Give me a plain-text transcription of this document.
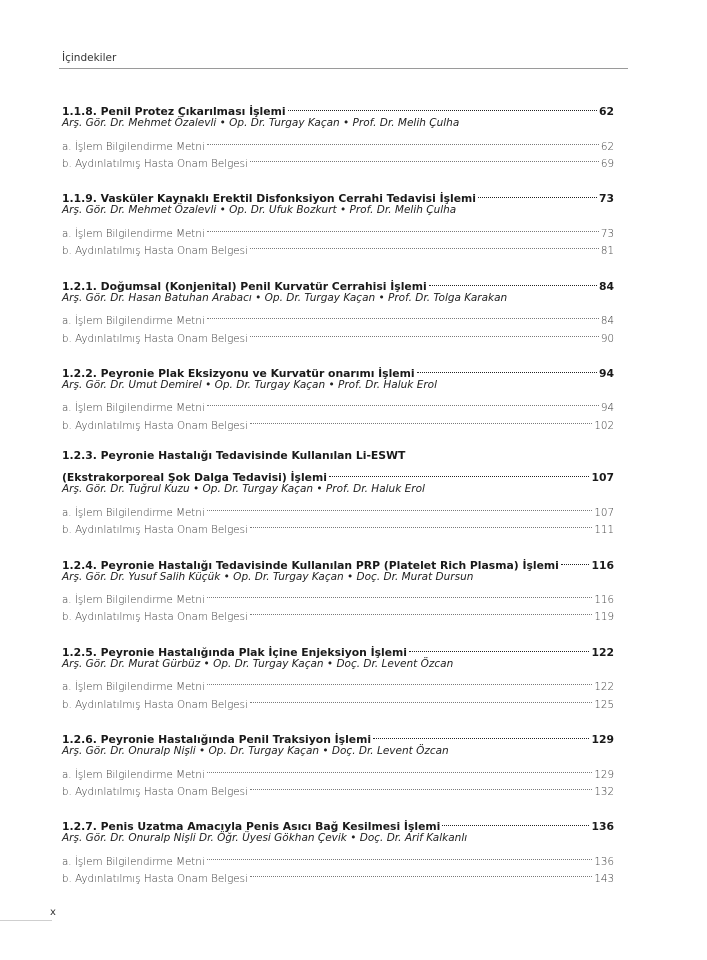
İçindekiler
1.1.8. Penil Protez Çıkarılması İşlemi	62
Arş. Gör. Dr. Mehmet Özalevli • Op. Dr. Turgay Kaçan • Prof. Dr. Melih Çulha
a. İşlem Bilgilendirme Metni	62
b. Aydınlatılmış Hasta Onam Belgesi	69
1.1.9. Vasküler Kaynaklı Erektil Disfonksiyon Cerrahi Tedavisi İşlemi	73
Arş. Gör. Dr. Mehmet Özalevli • Op. Dr. Ufuk Bozkurt • Prof. Dr. Melih Çulha
a. İşlem Bilgilendirme Metni	73
b. Aydınlatılmış Hasta Onam Belgesi	81
1.2.1. Doğumsal (Konjenital) Penil Kurvatür Cerrahisi İşlemi	84
Arş. Gör. Dr. Hasan Batuhan Arabacı • Op. Dr. Turgay Kaçan • Prof. Dr. Tolga Karakan
a. İşlem Bilgilendirme Metni	84
b. Aydınlatılmış Hasta Onam Belgesi	90
1.2.2. Peyronie Plak Eksizyonu ve Kurvatür onarımı İşlemi	94
Arş. Gör. Dr. Umut Demirel • Op. Dr. Turgay Kaçan • Prof. Dr. Haluk Erol
a. İşlem Bilgilendirme Metni	94
b. Aydınlatılmış Hasta Onam Belgesi	102
1.2.3. Peyronie Hastalığı Tedavisinde Kullanılan Li-ESWT
(Ekstrakorporeal Şok Dalga Tedavisi) İşlemi	107
Arş. Gör. Dr. Tuğrul Kuzu • Op. Dr. Turgay Kaçan • Prof. Dr. Haluk Erol
a. İşlem Bilgilendirme Metni	107
b. Aydınlatılmış Hasta Onam Belgesi	111
1.2.4. Peyronie Hastalığı Tedavisinde Kullanılan PRP (Platelet Rich Plasma) İşlemi	116
Arş. Gör. Dr. Yusuf Salih Küçük • Op. Dr. Turgay Kaçan • Doç. Dr. Murat Dursun
a. İşlem Bilgilendirme Metni	116
b. Aydınlatılmış Hasta Onam Belgesi	119
1.2.5. Peyronie Hastalığında Plak İçine Enjeksiyon İşlemi	122
Arş. Gör. Dr. Murat Gürbüz • Op. Dr. Turgay Kaçan • Doç. Dr. Levent Özcan
a. İşlem Bilgilendirme Metni	122
b. Aydınlatılmış Hasta Onam Belgesi	125
1.2.6. Peyronie Hastalığında Penil Traksiyon İşlemi	129
Arş. Gör. Dr. Onuralp Nişli • Op. Dr. Turgay Kaçan • Doç. Dr. Levent Özcan
a. İşlem Bilgilendirme Metni	129
b. Aydınlatılmış Hasta Onam Belgesi	132
1.2.7. Penis Uzatma Amacıyla Penis Asıcı Bağ Kesilmesi İşlemi	136
Arş. Gör. Dr. Onuralp Nişli Dr. Öğr. Üyesi Gökhan Çevik • Doç. Dr. Arif Kalkanlı
a. İşlem Bilgilendirme Metni	136
b. Aydınlatılmış Hasta Onam Belgesi	143
x
